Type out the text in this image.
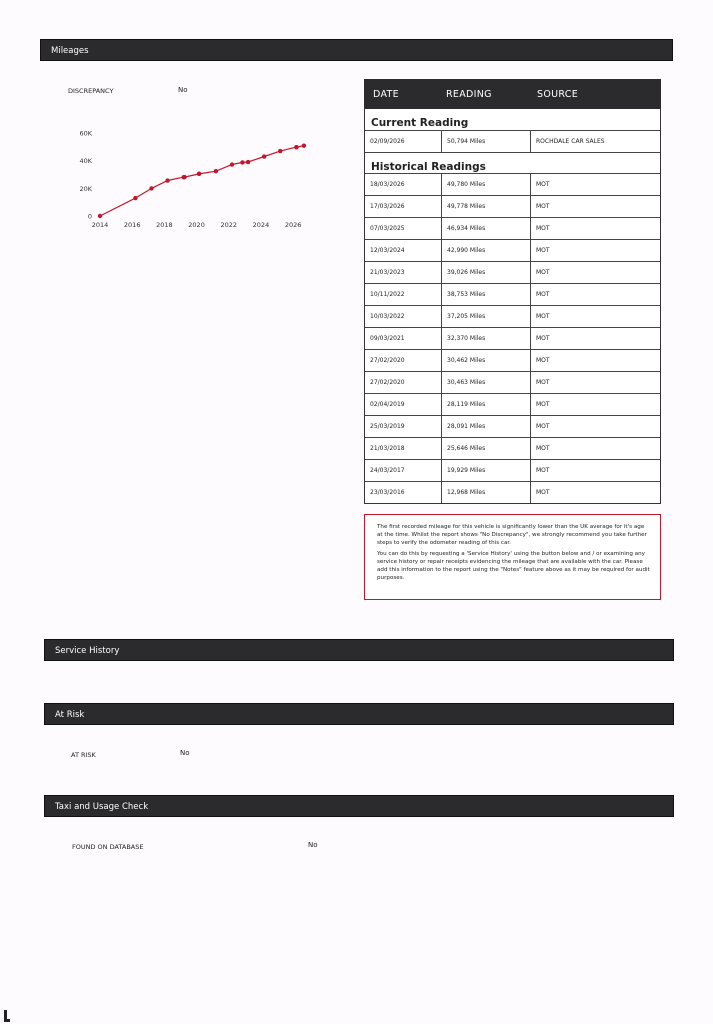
Mileages
DISCREPANCY	No
0
20K
40K
60K
2014 2016 2018 2020 2022 2024 2026
DATE	READING	SOURCE
Current Reading
02/09/2026	50,794 Miles	ROCHDALE CAR SALES
Historical Readings
18/03/2026	49,780 Miles	MOT
17/03/2026	49,778 Miles	MOT
07/03/2025	46,934 Miles	MOT
12/03/2024	42,990 Miles	MOT
21/03/2023	39,026 Miles	MOT
10/11/2022	38,753 Miles	MOT
10/03/2022	37,205 Miles	MOT
09/03/2021	32,370 Miles	MOT
27/02/2020	30,462 Miles	MOT
27/02/2020	30,463 Miles	MOT
02/04/2019	28,119 Miles	MOT
25/03/2019	28,091 Miles	MOT
21/03/2018	25,646 Miles	MOT
24/03/2017	19,929 Miles	MOT
23/03/2016	12,968 Miles	MOT

The first recorded mileage for this vehicle is significantly lower than the UK average for it's age at the time. Whilst the report shows "No Discrepancy", we strongly recommend you take further steps to verify the odometer reading of this car.

You can do this by requesting a 'Service History' using the button below and / or examining any service history or repair receipts evidencing the mileage that are available with the car. Please add this information to the report using the "Notes" feature above as it may be required for audit purposes.

Service History
At Risk
AT RISK	No
Taxi and Usage Check
FOUND ON DATABASE	No
